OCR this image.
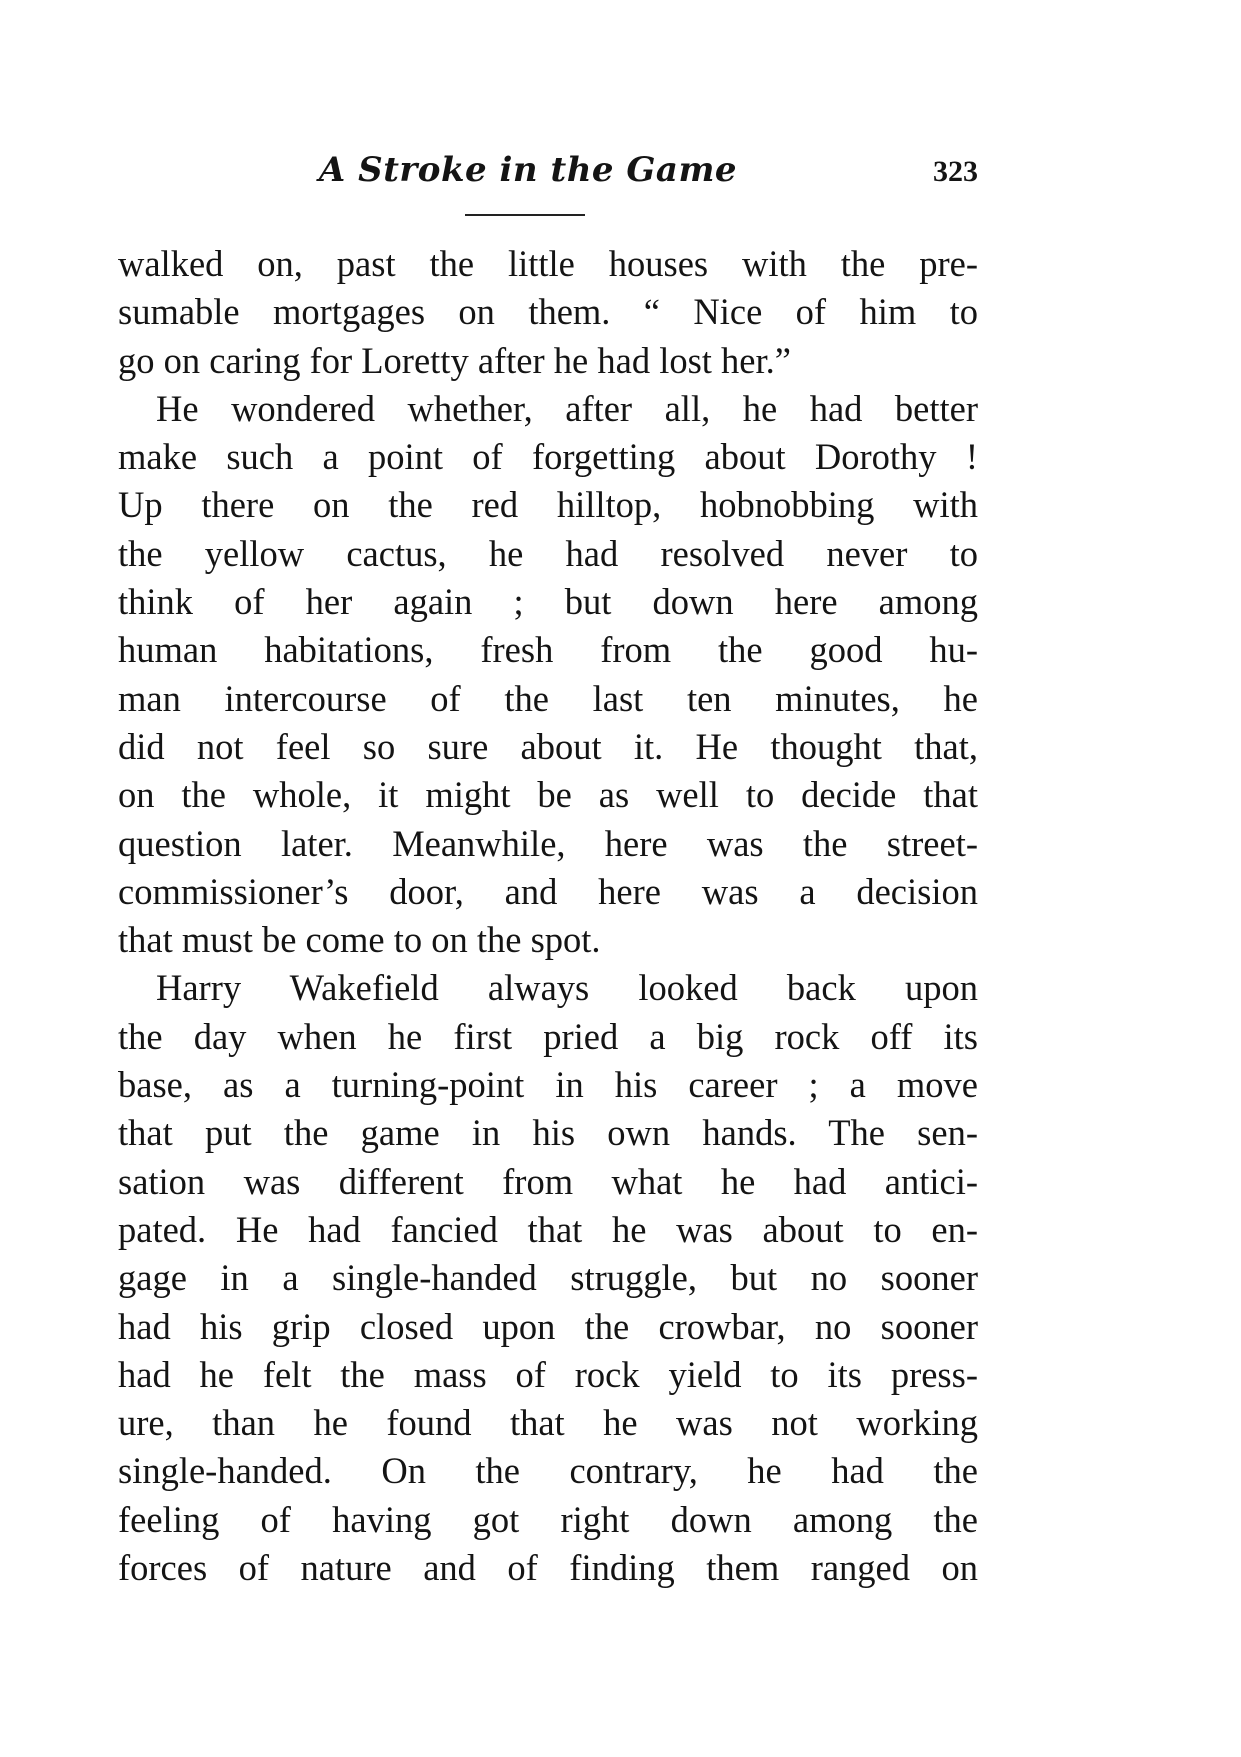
A Stroke in the Game	323
walked on, past the little houses with the pre-
sumable mortgages on them. “ Nice of him to
go on caring for Loretty after he had lost her.”
He wondered whether, after all, he had better
make such a point of forgetting about Dorothy !
Up there on the red hilltop, hobnobbing with
the yellow cactus, he had resolved never to
think of her again ; but down here among
human habitations, fresh from the good hu-
man intercourse of the last ten minutes, he
did not feel so sure about it. He thought that,
on the whole, it might be as well to decide that
question later. Meanwhile, here was the street-
commissioner’s door, and here was a decision
that must be come to on the spot.
Harry Wakefield always looked back upon
the day when he first pried a big rock off its
base, as a turning-point in his career ; a move
that put the game in his own hands. The sen-
sation was different from what he had antici-
pated. He had fancied that he was about to en-
gage in a single-handed struggle, but no sooner
had his grip closed upon the crowbar, no sooner
had he felt the mass of rock yield to its press-
ure, than he found that he was not working
single-handed. On the contrary, he had the
feeling of having got right down among the
forces of nature and of finding them ranged on
